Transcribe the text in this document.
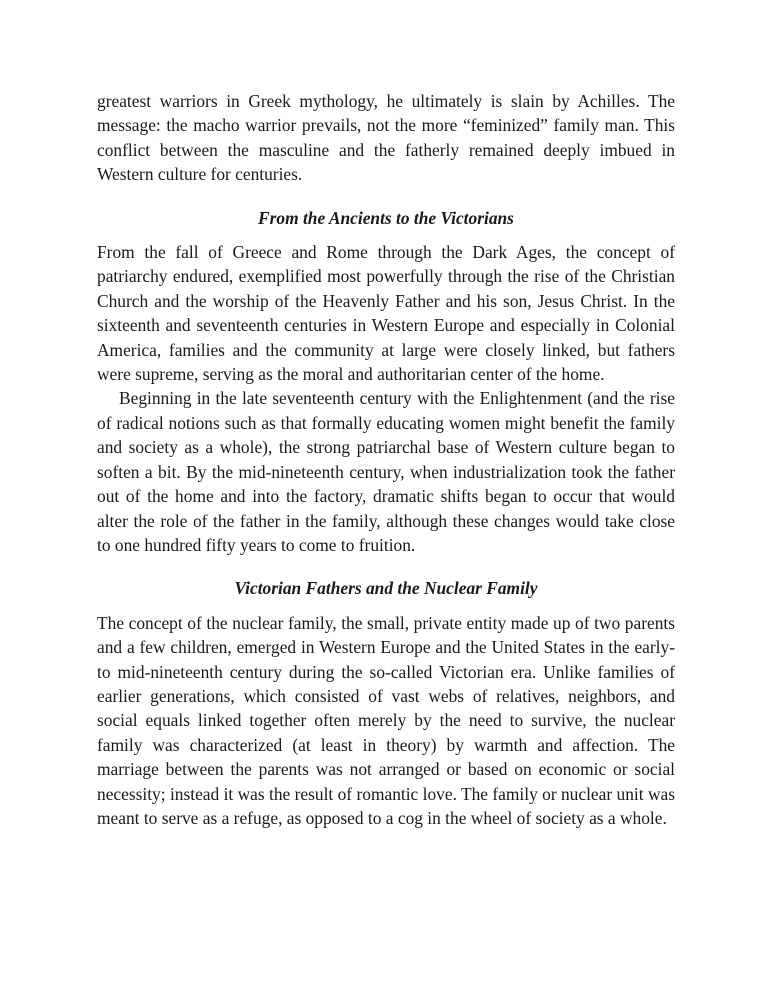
greatest warriors in Greek mythology, he ultimately is slain by Achilles. The message: the macho warrior prevails, not the more “feminized” family man. This conflict between the masculine and the fatherly remained deeply imbued in Western culture for centuries.

From the Ancients to the Victorians

From the fall of Greece and Rome through the Dark Ages, the concept of patriarchy endured, exemplified most powerfully through the rise of the Christian Church and the worship of the Heavenly Father and his son, Jesus Christ. In the sixteenth and seventeenth centuries in Western Europe and especially in Colonial America, families and the community at large were closely linked, but fathers were supreme, serving as the moral and authoritarian center of the home.

Beginning in the late seventeenth century with the Enlightenment (and the rise of radical notions such as that formally educating women might benefit the family and society as a whole), the strong patriarchal base of Western culture began to soften a bit. By the mid-nineteenth century, when industrialization took the father out of the home and into the factory, dramatic shifts began to occur that would alter the role of the father in the family, although these changes would take close to one hundred fifty years to come to fruition.

Victorian Fathers and the Nuclear Family

The concept of the nuclear family, the small, private entity made up of two parents and a few children, emerged in Western Europe and the United States in the early- to mid-nineteenth century during the so-called Victorian era. Unlike families of earlier generations, which consisted of vast webs of relatives, neighbors, and social equals linked together often merely by the need to survive, the nuclear family was characterized (at least in theory) by warmth and affection. The marriage between the parents was not arranged or based on economic or social necessity; instead it was the result of romantic love. The family or nuclear unit was meant to serve as a refuge, as opposed to a cog in the wheel of society as a whole.
